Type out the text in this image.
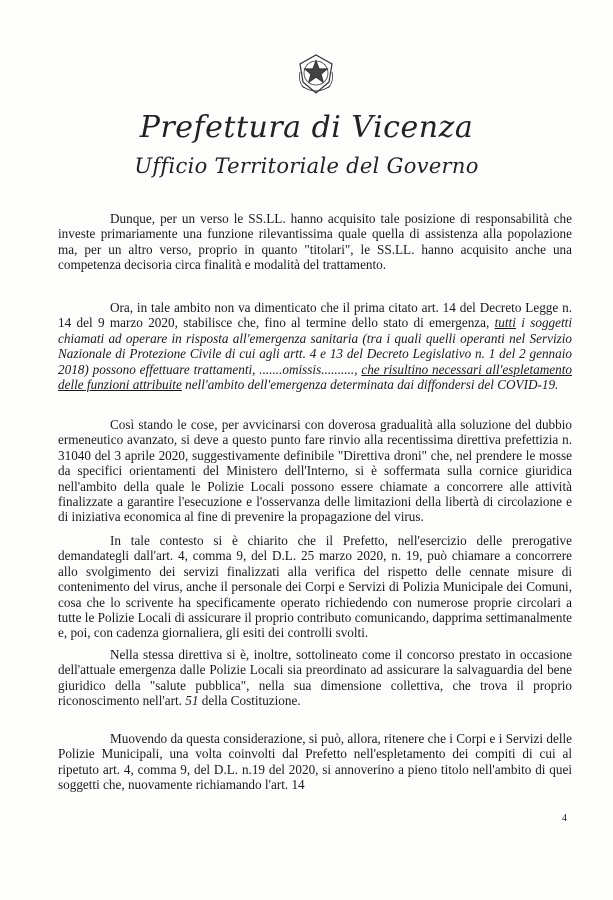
Prefettura di Vicenza
Ufficio Territoriale del Governo

Dunque, per un verso le SS.LL. hanno acquisito tale posizione di responsabilità che investe primariamente una funzione rilevantissima quale quella di assistenza alla popolazione ma, per un altro verso, proprio in quanto "titolari", le SS.LL. hanno acquisito anche una competenza decisoria circa finalità e modalità del trattamento.

Ora, in tale ambito non va dimenticato che il prima citato art. 14 del Decreto Legge n. 14 del 9 marzo 2020, stabilisce che, fino al termine dello stato di emergenza, tutti i soggetti chiamati ad operare in risposta all'emergenza sanitaria (tra i quali quelli operanti nel Servizio Nazionale di Protezione Civile di cui agli artt. 4 e 13 del Decreto Legislativo n. 1 del 2 gennaio 2018) possono effettuare trattamenti, .......omissis.........., che risultino necessari all'espletamento delle funzioni attribuite nell'ambito dell'emergenza determinata dai diffondersi del COVID-19.

Così stando le cose, per avvicinarsi con doverosa gradualità alla soluzione del dubbio ermeneutico avanzato, si deve a questo punto fare rinvio alla recentissima direttiva prefettizia n. 31040 del 3 aprile 2020, suggestivamente definibile "Direttiva droni" che, nel prendere le mosse da specifici orientamenti del Ministero dell'Interno, si è soffermata sulla cornice giuridica nell'ambito della quale le Polizie Locali possono essere chiamate a concorrere alle attività finalizzate a garantire l'esecuzione e l'osservanza delle limitazioni della libertà di circolazione e di iniziativa economica al fine di prevenire la propagazione del virus.

In tale contesto si è chiarito che il Prefetto, nell'esercizio delle prerogative demandategli dall'art. 4, comma 9, del D.L. 25 marzo 2020, n. 19, può chiamare a concorrere allo svolgimento dei servizi finalizzati alla verifica del rispetto delle cennate misure di contenimento del virus, anche il personale dei Corpi e Servizi di Polizia Municipale dei Comuni, cosa che lo scrivente ha specificamente operato richiedendo con numerose proprie circolari a tutte le Polizie Locali di assicurare il proprio contributo comunicando, dapprima settimanalmente e, poi, con cadenza giornaliera, gli esiti dei controlli svolti.

Nella stessa direttiva si è, inoltre, sottolineato come il concorso prestato in occasione dell'attuale emergenza dalle Polizie Locali sia preordinato ad assicurare la salvaguardia del bene giuridico della "salute pubblica", nella sua dimensione collettiva, che trova il proprio riconoscimento nell'art. 51 della Costituzione.

Muovendo da questa considerazione, si può, allora, ritenere che i Corpi e i Servizi delle Polizie Municipali, una volta coinvolti dal Prefetto nell'espletamento dei compiti di cui al ripetuto art. 4, comma 9, del D.L. n.19 del 2020, si annoverino a pieno titolo nell'ambito di quei soggetti che, nuovamente richiamando l'art. 14

4
